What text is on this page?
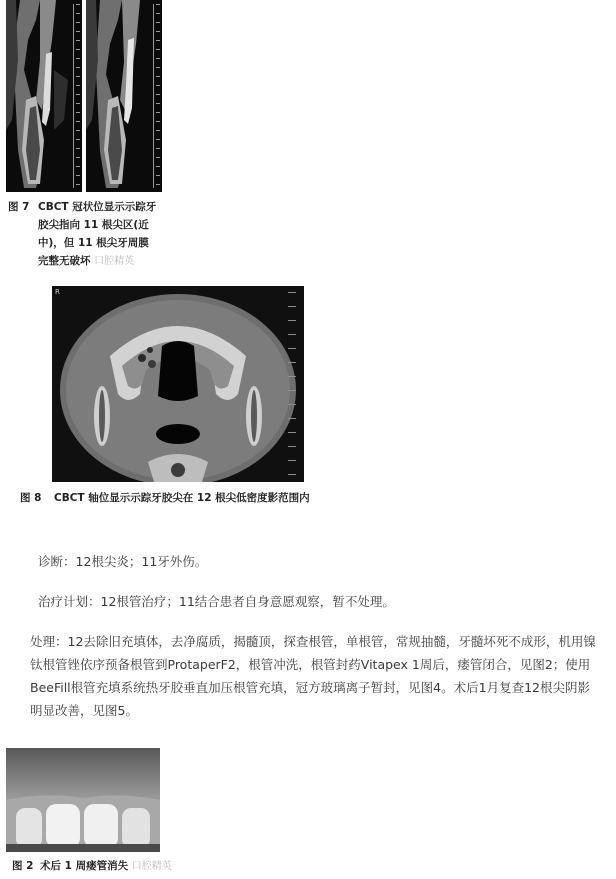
图 7 CBCT 冠状位显示示踪牙
胶尖指向 11 根尖区(近
中)，但 11 根尖牙周膜
完整无破坏 口腔精英
R
图 8 CBCT 轴位显示示踪牙胶尖在 12 根尖低密度影范围内
诊断：12根尖炎；11牙外伤。
治疗计划：12根管治疗；11结合患者自身意愿观察，暂不处理。
处理：12去除旧充填体，去净腐质，揭髓顶，探查根管，单根管，常规抽髓，牙髓坏死不成形，机用镍钛根管锉依序预备根管到ProtaperF2，根管冲洗，根管封药Vitapex 1周后，瘘管闭合，见图2；使用BeeFill根管充填系统热牙胶垂直加压根管充填，冠方玻璃离子暂封，见图4。术后1月复查12根尖阴影明显改善，见图5。
图 2 术后 1 周瘘管消失 口腔精英
